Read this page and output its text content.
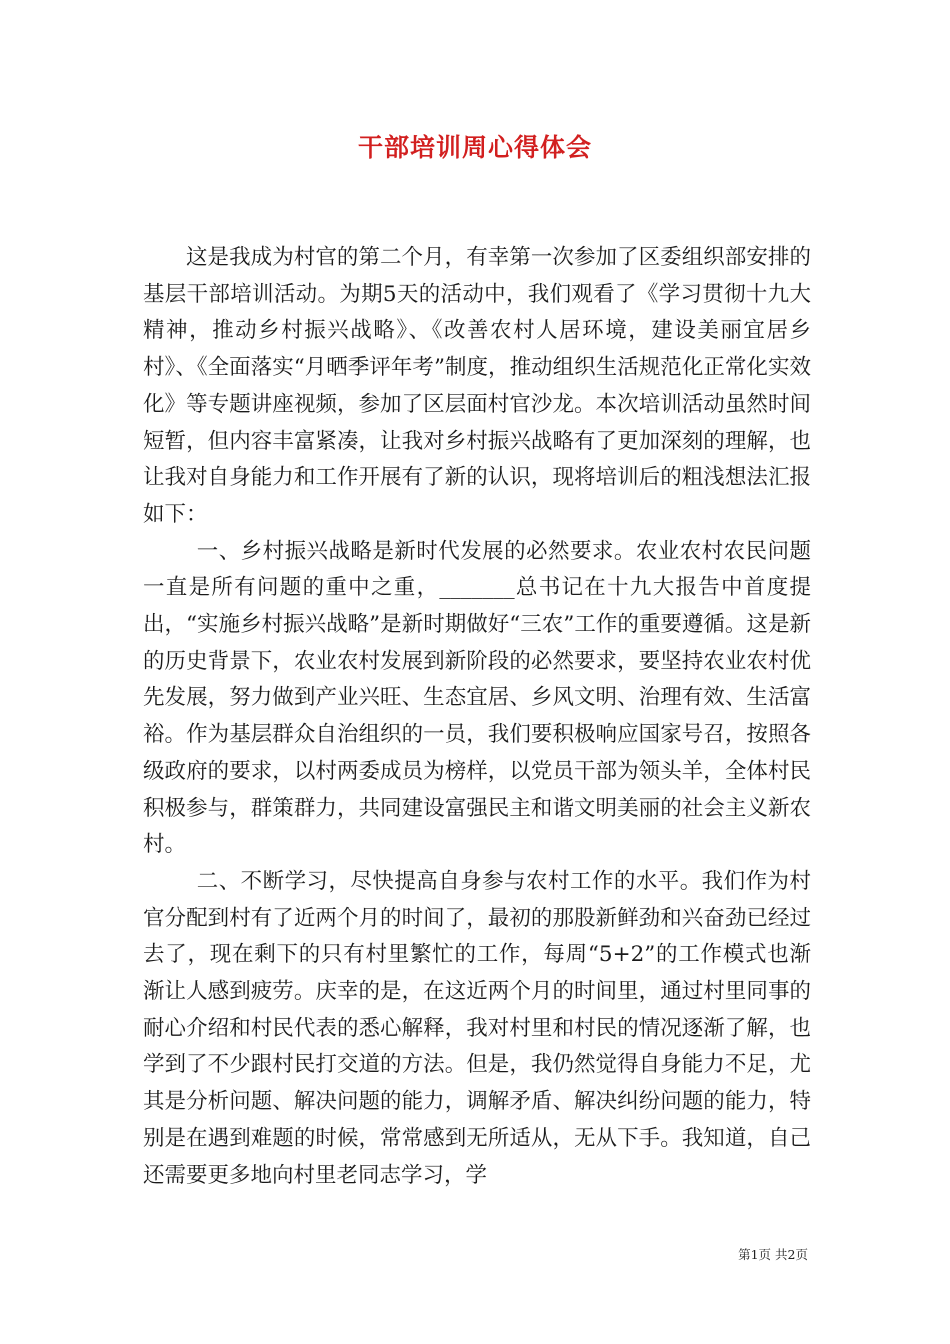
干部培训周心得体会

这是我成为村官的第二个月，有幸第一次参加了区委组织部安排的基层干部培训活动。为期5天的活动中，我们观看了《学习贯彻十九大精神，推动乡村振兴战略》、《改善农村人居环境，建设美丽宜居乡村》、《全面落实“月晒季评年考”制度，推动组织生活规范化正常化实效化》等专题讲座视频，参加了区层面村官沙龙。本次培训活动虽然时间短暂，但内容丰富紧凑，让我对乡村振兴战略有了更加深刻的理解，也让我对自身能力和工作开展有了新的认识，现将培训后的粗浅想法汇报如下：

一、乡村振兴战略是新时代发展的必然要求。农业农村农民问题一直是所有问题的重中之重，_______总书记在十九大报告中首度提出，“实施乡村振兴战略”是新时期做好“三农”工作的重要遵循。这是新的历史背景下，农业农村发展到新阶段的必然要求，要坚持农业农村优先发展，努力做到产业兴旺、生态宜居、乡风文明、治理有效、生活富裕。作为基层群众自治组织的一员，我们要积极响应国家号召，按照各级政府的要求，以村两委成员为榜样，以党员干部为领头羊，全体村民积极参与，群策群力，共同建设富强民主和谐文明美丽的社会主义新农村。

二、不断学习，尽快提高自身参与农村工作的水平。我们作为村官分配到村有了近两个月的时间了，最初的那股新鲜劲和兴奋劲已经过去了，现在剩下的只有村里繁忙的工作，每周“5+2”的工作模式也渐渐让人感到疲劳。庆幸的是，在这近两个月的时间里，通过村里同事的耐心介绍和村民代表的悉心解释，我对村里和村民的情况逐渐了解，也学到了不少跟村民打交道的方法。但是，我仍然觉得自身能力不足，尤其是分析问题、解决问题的能力，调解矛盾、解决纠纷问题的能力，特别是在遇到难题的时候，常常感到无所适从，无从下手。我知道，自己还需要更多地向村里老同志学习，学

第1页 共2页
